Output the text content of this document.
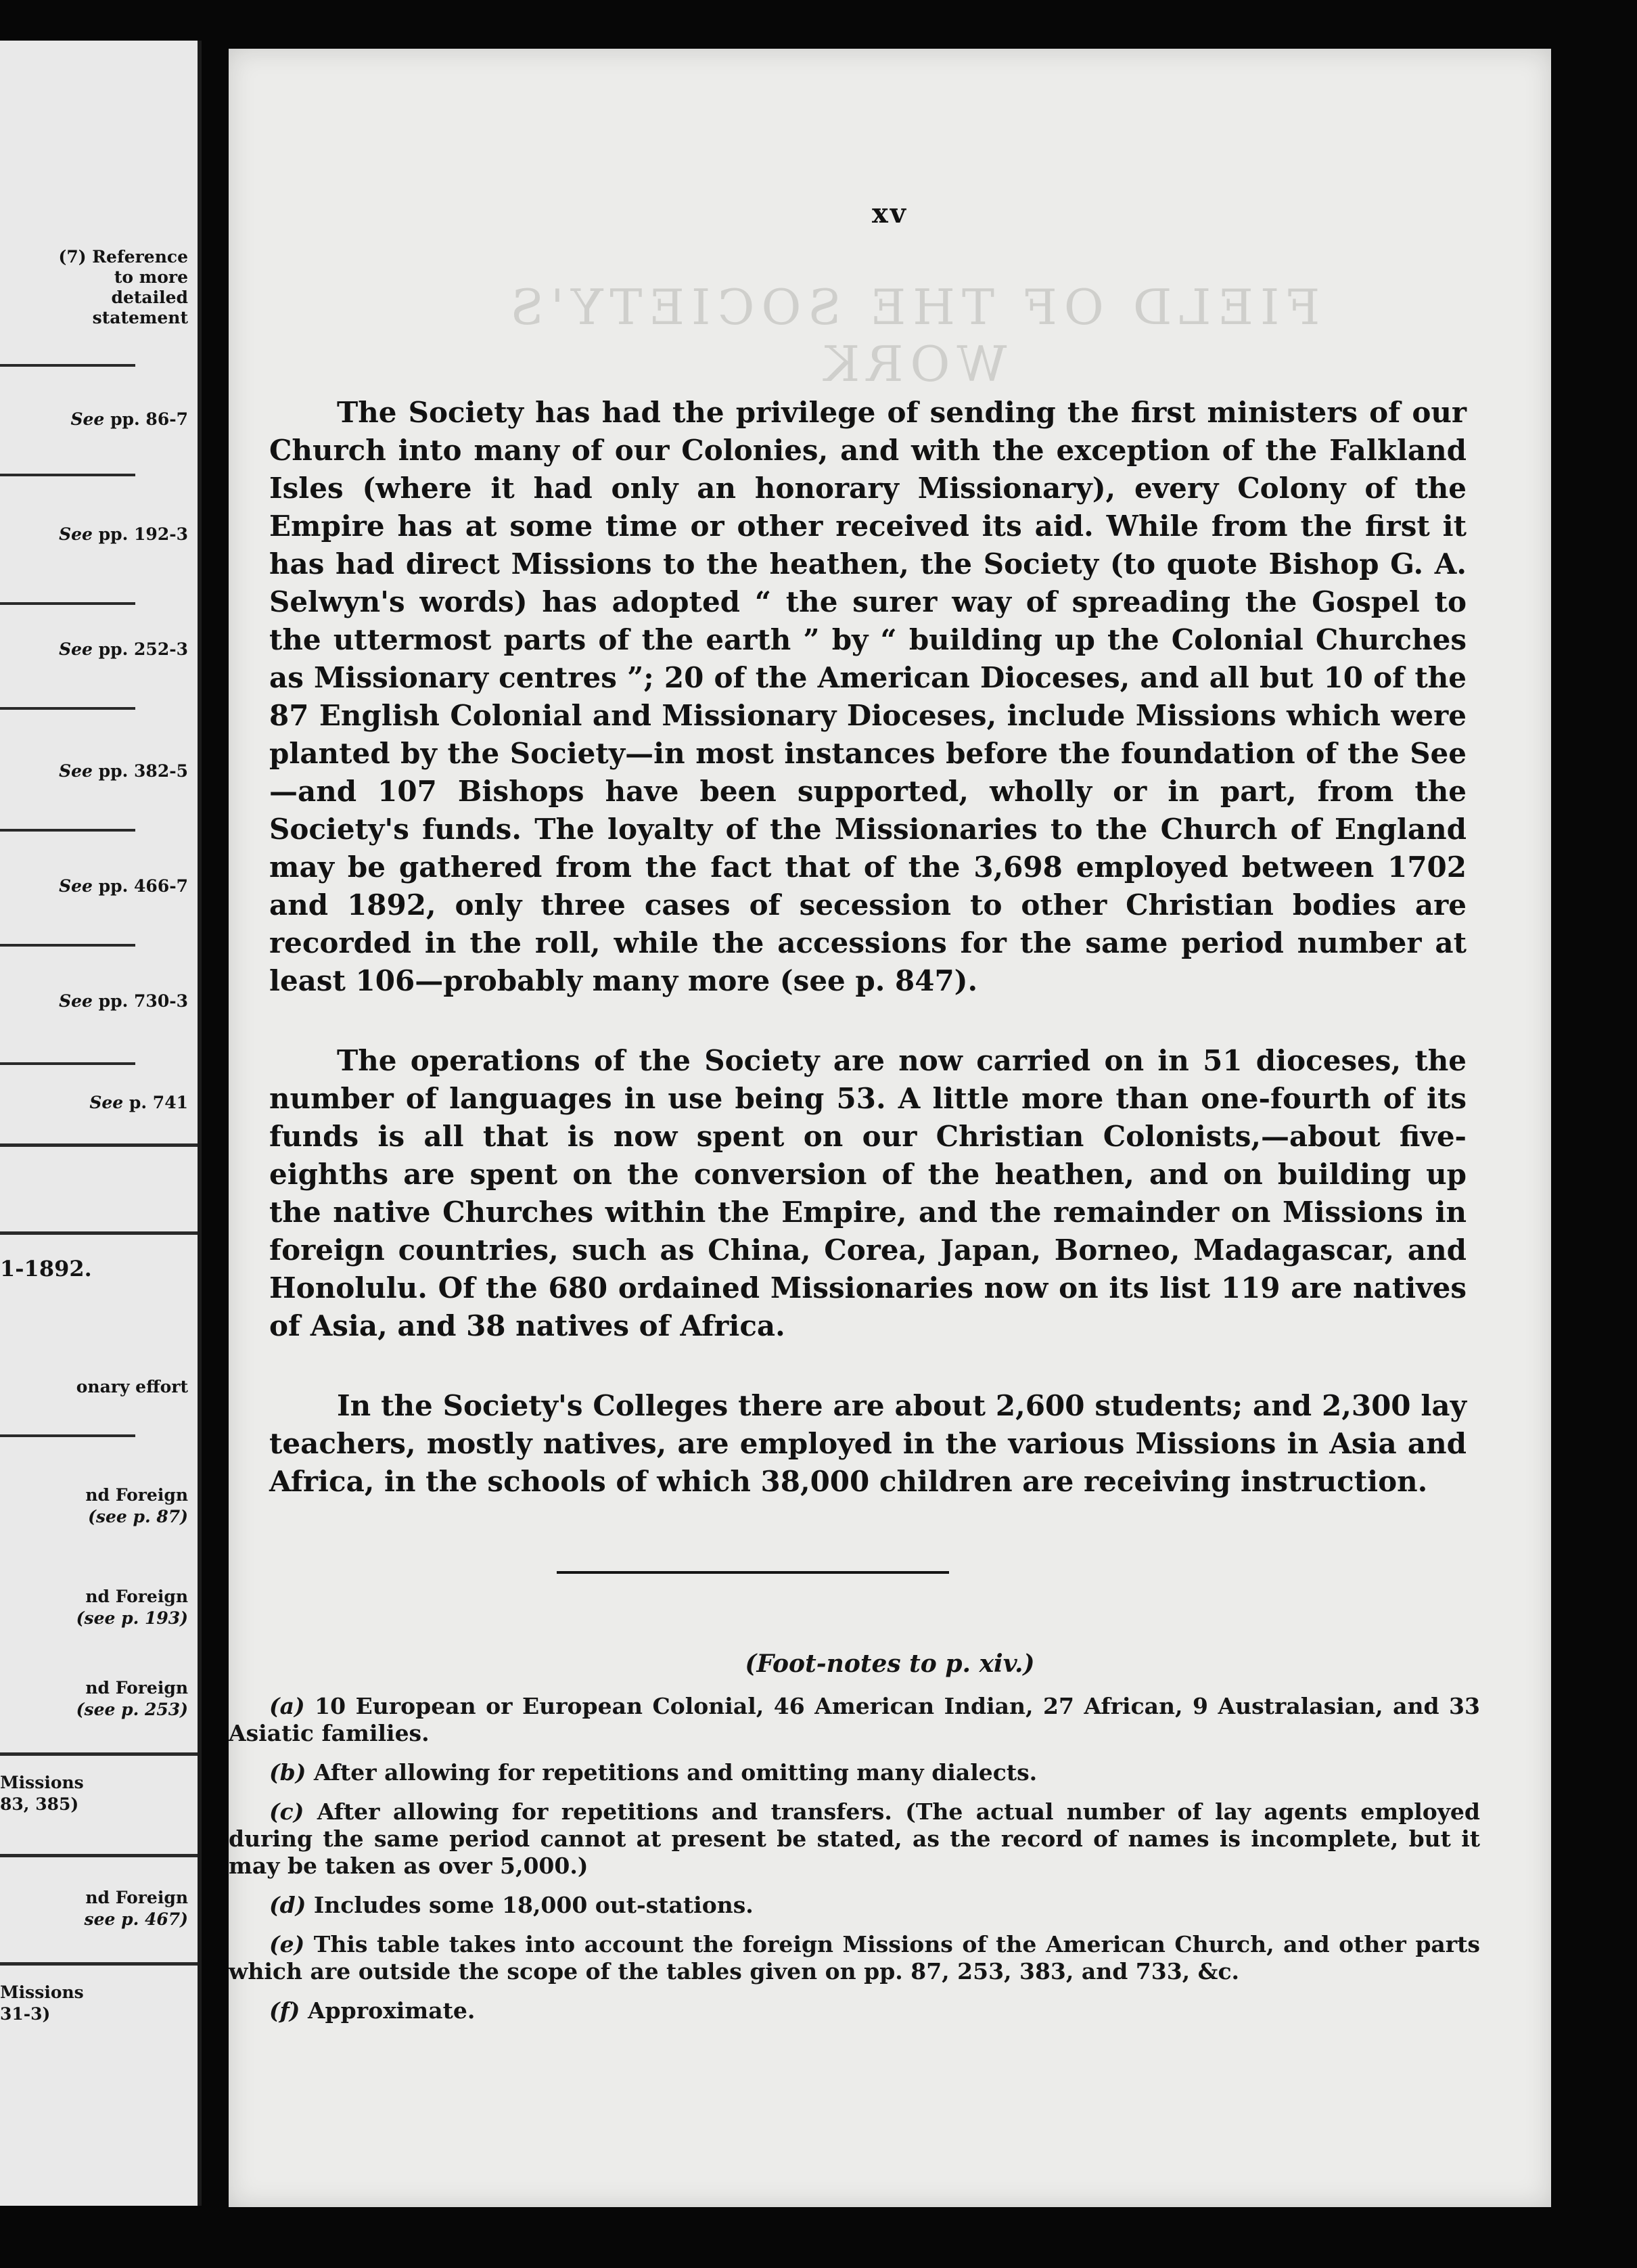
(7) Reference to more detailed statement
See pp. 86-7
See pp. 192-3
See pp. 252-3
See pp. 382-5
See pp. 466-7
See pp. 730-3
See p. 741
1-1892.
onary effort
nd Foreign
(see p. 87)
nd Foreign
(see p. 193)
nd Foreign
(see p. 253)
Missions
83, 385)
nd Foreign
see p. 467)
Missions
31-3)
xv
FIELD OF THE SOCIETY'S WORK

The Society has had the privilege of sending the first ministers of our Church into many of our Colonies, and with the exception of the Falkland Isles (where it had only an honorary Missionary), every Colony of the Empire has at some time or other received its aid. While from the first it has had direct Missions to the heathen, the Society (to quote Bishop G. A. Selwyn's words) has adopted “ the surer way of spreading the Gospel to the uttermost parts of the earth ” by “ building up the Colonial Churches as Missionary centres ”; 20 of the American Dioceses, and all but 10 of the 87 English Colonial and Missionary Dioceses, include Missions which were planted by the Society—in most instances before the foundation of the See—and 107 Bishops have been supported, wholly or in part, from the Society's funds. The loyalty of the Missionaries to the Church of England may be gathered from the fact that of the 3,698 employed between 1702 and 1892, only three cases of secession to other Christian bodies are recorded in the roll, while the accessions for the same period number at least 106—probably many more (see p. 847).

The operations of the Society are now carried on in 51 dioceses, the number of languages in use being 53. A little more than one-fourth of its funds is all that is now spent on our Christian Colonists,—about five-eighths are spent on the conversion of the heathen, and on building up the native Churches within the Empire, and the remainder on Missions in foreign countries, such as China, Corea, Japan, Borneo, Madagascar, and Honolulu. Of the 680 ordained Missionaries now on its list 119 are natives of Asia, and 38 natives of Africa.

In the Society's Colleges there are about 2,600 students; and 2,300 lay teachers, mostly natives, are employed in the various Missions in Asia and Africa, in the schools of which 38,000 children are receiving instruction.

(Foot-notes to p. xiv.)

(a) 10 European or European Colonial, 46 American Indian, 27 African, 9 Australasian, and 33 Asiatic families.

(b) After allowing for repetitions and omitting many dialects.

(c) After allowing for repetitions and transfers. (The actual number of lay agents employed during the same period cannot at present be stated, as the record of names is incomplete, but it may be taken as over 5,000.)

(d) Includes some 18,000 out-stations.

(e) This table takes into account the foreign Missions of the American Church, and other parts which are outside the scope of the tables given on pp. 87, 253, 383, and 733, &c.

(f) Approximate.
